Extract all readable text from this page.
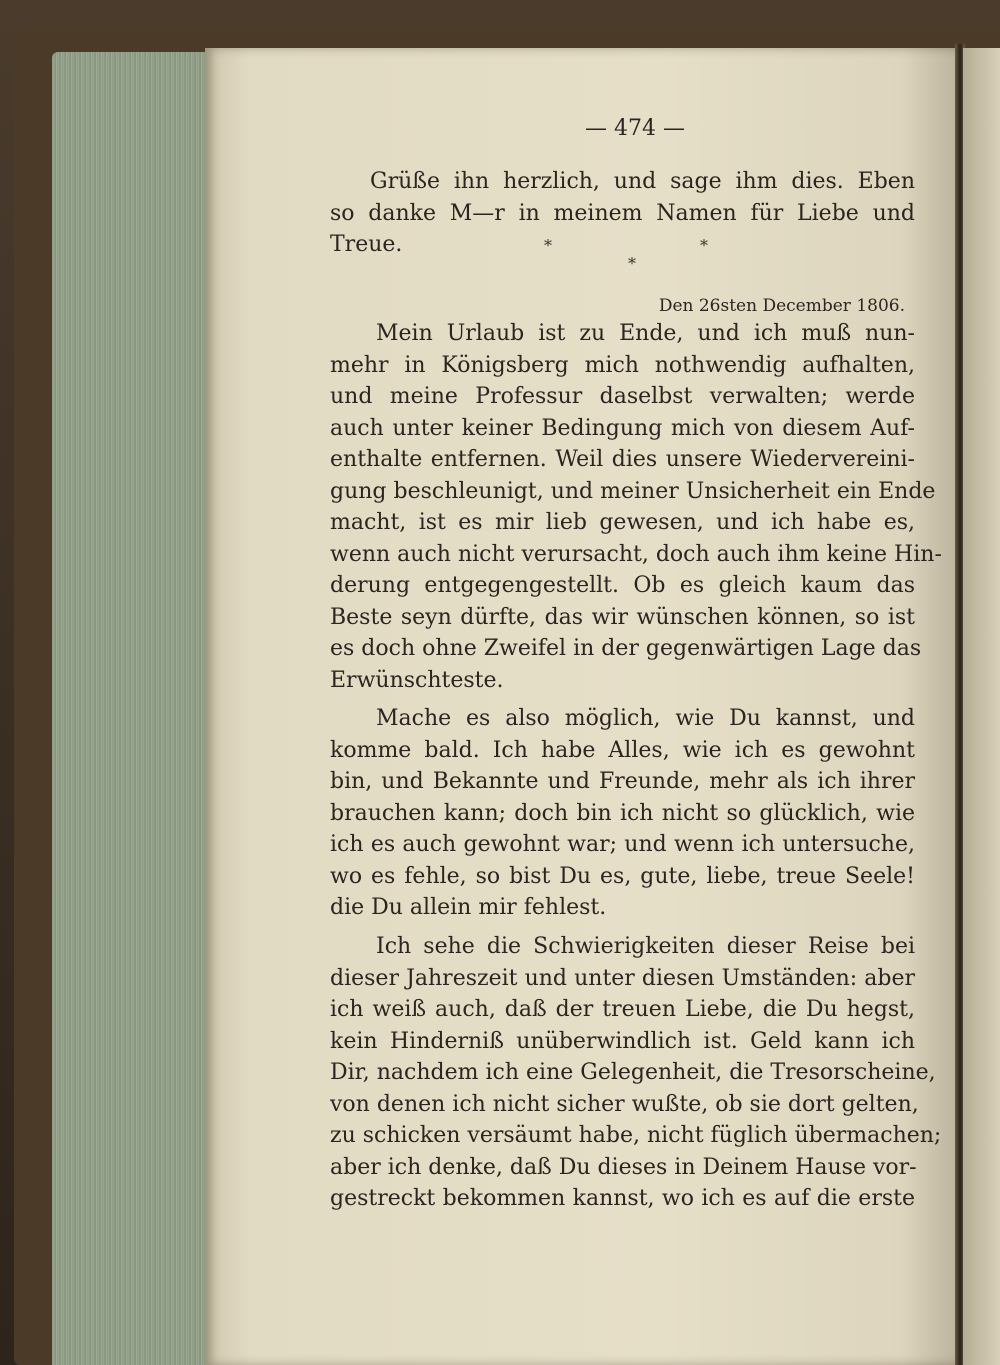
— 474 —
Grüße ihn herzlich, und sage ihm dies. Eben
so danke M—r in meinem Namen für Liebe und
Treue.	*
*
*
Den 26sten December 1806.
Mein Urlaub ist zu Ende, und ich muß nun-
mehr in Königsberg mich nothwendig aufhalten,
und meine Professur daselbst verwalten; werde
auch unter keiner Bedingung mich von diesem Auf-
enthalte entfernen. Weil dies unsere Wiedervereini-
gung beschleunigt, und meiner Unsicherheit ein Ende
macht, ist es mir lieb gewesen, und ich habe es,
wenn auch nicht verursacht, doch auch ihm keine Hin-
derung entgegengestellt. Ob es gleich kaum das
Beste seyn dürfte, das wir wünschen können, so ist
es doch ohne Zweifel in der gegenwärtigen Lage das
Erwünschteste.
Mache es also möglich, wie Du kannst, und
komme bald. Ich habe Alles, wie ich es gewohnt
bin, und Bekannte und Freunde, mehr als ich ihrer
brauchen kann; doch bin ich nicht so glücklich, wie
ich es auch gewohnt war; und wenn ich untersuche,
wo es fehle, so bist Du es, gute, liebe, treue Seele!
die Du allein mir fehlest.
Ich sehe die Schwierigkeiten dieser Reise bei
dieser Jahreszeit und unter diesen Umständen: aber
ich weiß auch, daß der treuen Liebe, die Du hegst,
kein Hinderniß unüberwindlich ist. Geld kann ich
Dir, nachdem ich eine Gelegenheit, die Tresorscheine,
von denen ich nicht sicher wußte, ob sie dort gelten,
zu schicken versäumt habe, nicht füglich übermachen;
aber ich denke, daß Du dieses in Deinem Hause vor-
gestreckt bekommen kannst, wo ich es auf die erste
